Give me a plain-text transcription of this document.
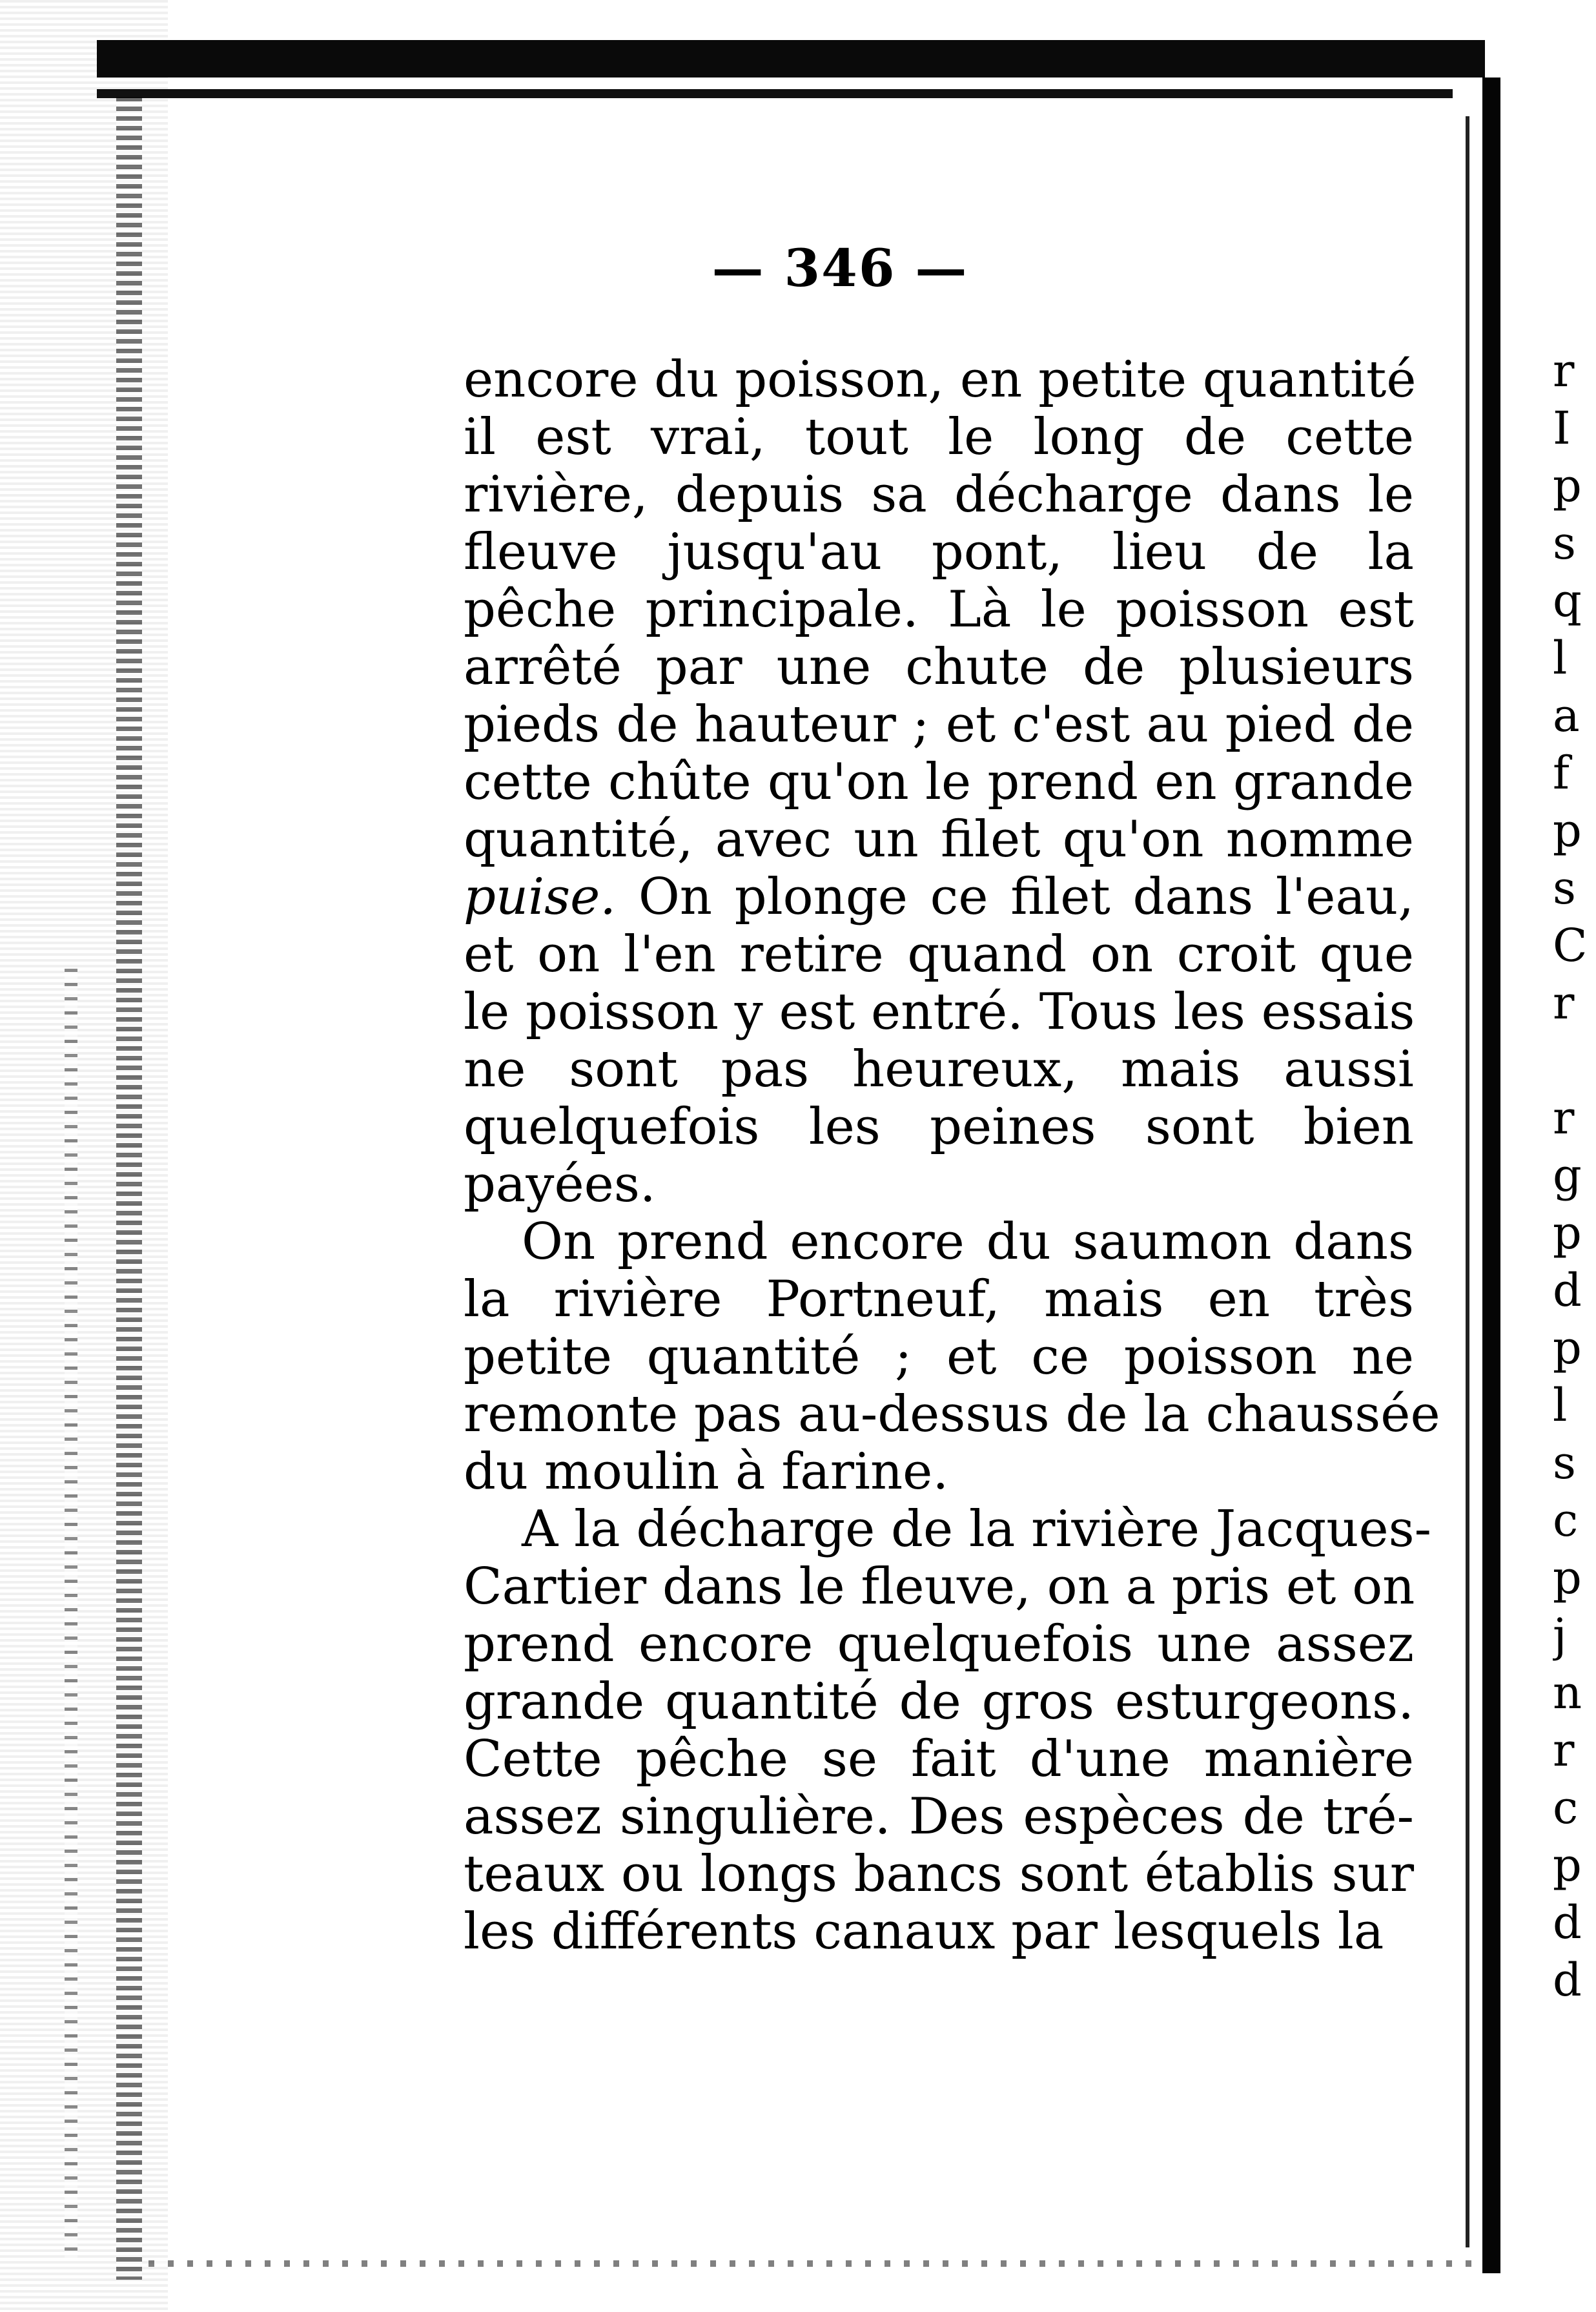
— 346 —
encore du poisson, en petite quantité
il est vrai, tout le long de cette
rivière, depuis sa décharge dans le
fleuve jusqu'au pont, lieu de la
pêche principale. Là le poisson est
arrêté par une chute de plusieurs
pieds de hauteur ; et c'est au pied de
cette chûte qu'on le prend en grande
quantité, avec un filet qu'on nomme
puise. On plonge ce filet dans l'eau,
et on l'en retire quand on croit que
le poisson y est entré. Tous les essais
ne sont pas heureux, mais aussi
quelquefois les peines sont bien
payées.
On prend encore du saumon dans
la rivière Portneuf, mais en très
petite quantité ; et ce poisson ne
remonte pas au-dessus de la chaussée
du moulin à farine.
A la décharge de la rivière Jacques-
Cartier dans le fleuve, on a pris et on
prend encore quelquefois une assez
grande quantité de gros esturgeons.
Cette pêche se fait d'une manière
assez singulière. Des espèces de tré-
teaux ou longs bancs sont établis sur
les différents canaux par lesquels la
r
I
p
s
q
l
a
f
p
s
C
r
r
g
p
d
p
l
s
c
p
j
n
r
c
p
d
d
